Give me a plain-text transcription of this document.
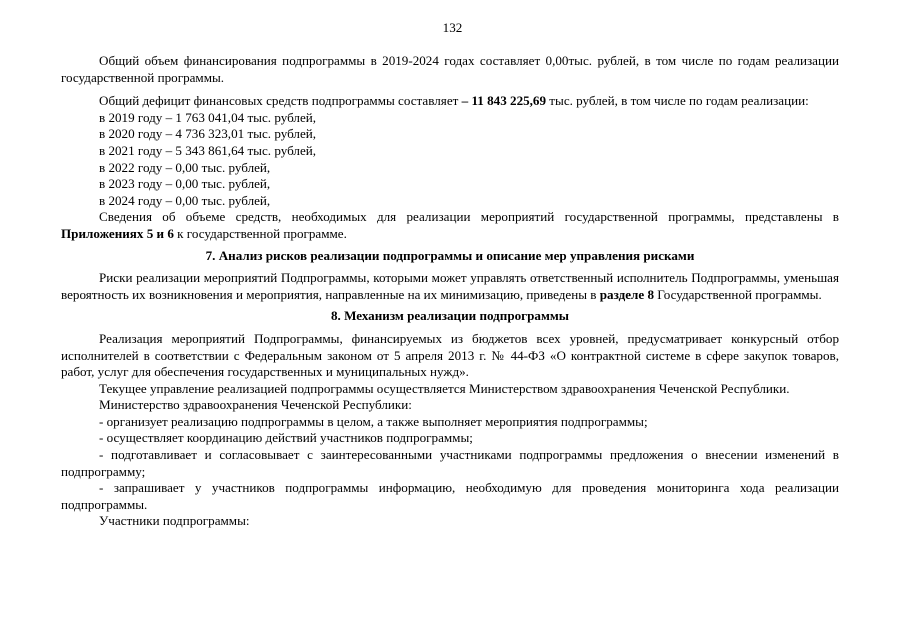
132

Общий объем финансирования подпрограммы в 2019-2024 годах составляет 0,00тыс. рублей, в том числе по годам реализации государственной программы.

Общий дефицит финансовых средств подпрограммы составляет – 11 843 225,69 тыс. рублей, в том числе по годам реализации:

в 2019 году – 1 763 041,04 тыс. рублей,

в 2020 году – 4 736 323,01 тыс. рублей,

в 2021 году – 5 343 861,64 тыс. рублей,

в 2022 году – 0,00 тыс. рублей,

в 2023 году – 0,00 тыс. рублей,

в 2024 году – 0,00 тыс. рублей,

Сведения об объеме средств, необходимых для реализации мероприятий государственной программы, представлены в Приложениях 5 и 6 к государственной программе.

7. Анализ рисков реализации подпрограммы и описание мер управления рисками

Риски реализации мероприятий Подпрограммы, которыми может управлять ответственный исполнитель Подпрограммы, уменьшая вероятность их возникновения и мероприятия, направленные на их минимизацию, приведены в разделе 8 Государственной программы.

8. Механизм реализации подпрограммы

Реализация мероприятий Подпрограммы, финансируемых из бюджетов всех уровней, предусматривает конкурсный отбор исполнителей в соответствии с Федеральным законом от 5 апреля 2013 г. № 44-ФЗ «О контрактной системе в сфере закупок товаров, работ, услуг для обеспечения государственных и муниципальных нужд».

Текущее управление реализацией подпрограммы осуществляется Министерством здравоохранения Чеченской Республики.

Министерство здравоохранения Чеченской Республики:

- организует реализацию подпрограммы в целом, а также выполняет мероприятия подпрограммы;

- осуществляет координацию действий участников подпрограммы;

- подготавливает и согласовывает с заинтересованными участниками подпрограммы предложения о внесении изменений в подпрограмму;

- запрашивает у участников подпрограммы информацию, необходимую для проведения мониторинга хода реализации подпрограммы.

Участники подпрограммы:
